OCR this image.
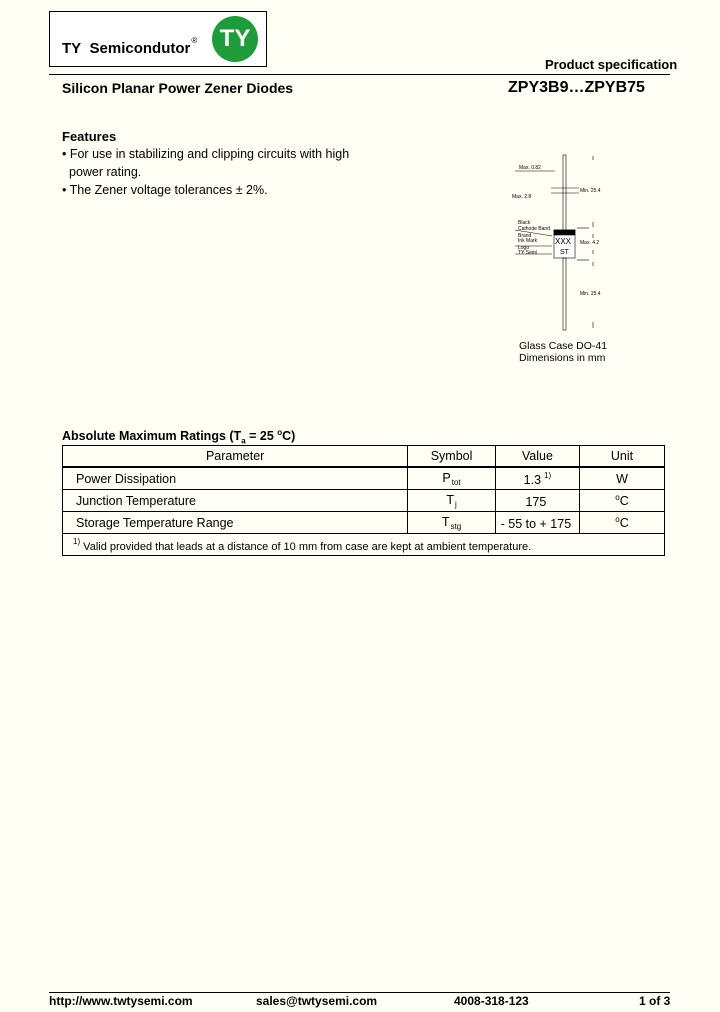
TY Semicondutor® TY
Product specification
Silicon Planar Power Zener Diodes	ZPY3B9…ZPYB75
Features
• For use in stabilizing and clipping circuits with high
power rating.
• The Zener voltage tolerances ± 2%.
Max. 0.82
Max. 2.8
Min. 25.4
Black
Cathode Band
Brand
Ink Mark
Logo
TY Semi
XXX
ST
Max. 4.2
Min. 25.4
Glass Case DO-41
Dimensions in mm
Absolute Maximum Ratings ($T_a = 25$ $^o$C)
Parameter	Symbol	Value	Unit
Power Dissipation	$P_{tot}$	1.3 $^{1)}$	W
Junction Temperature	$T_j$	175	$^o$C
Storage Temperature Range	$T_{stg}$	- 55 to + 175	$^o$C
$^{1)}$ Valid provided that leads at a distance of 10 mm from case are kept at ambient temperature.			
http://www.twtysemi.com	sales@twtysemi.com	4008-318-123	1 of 3
